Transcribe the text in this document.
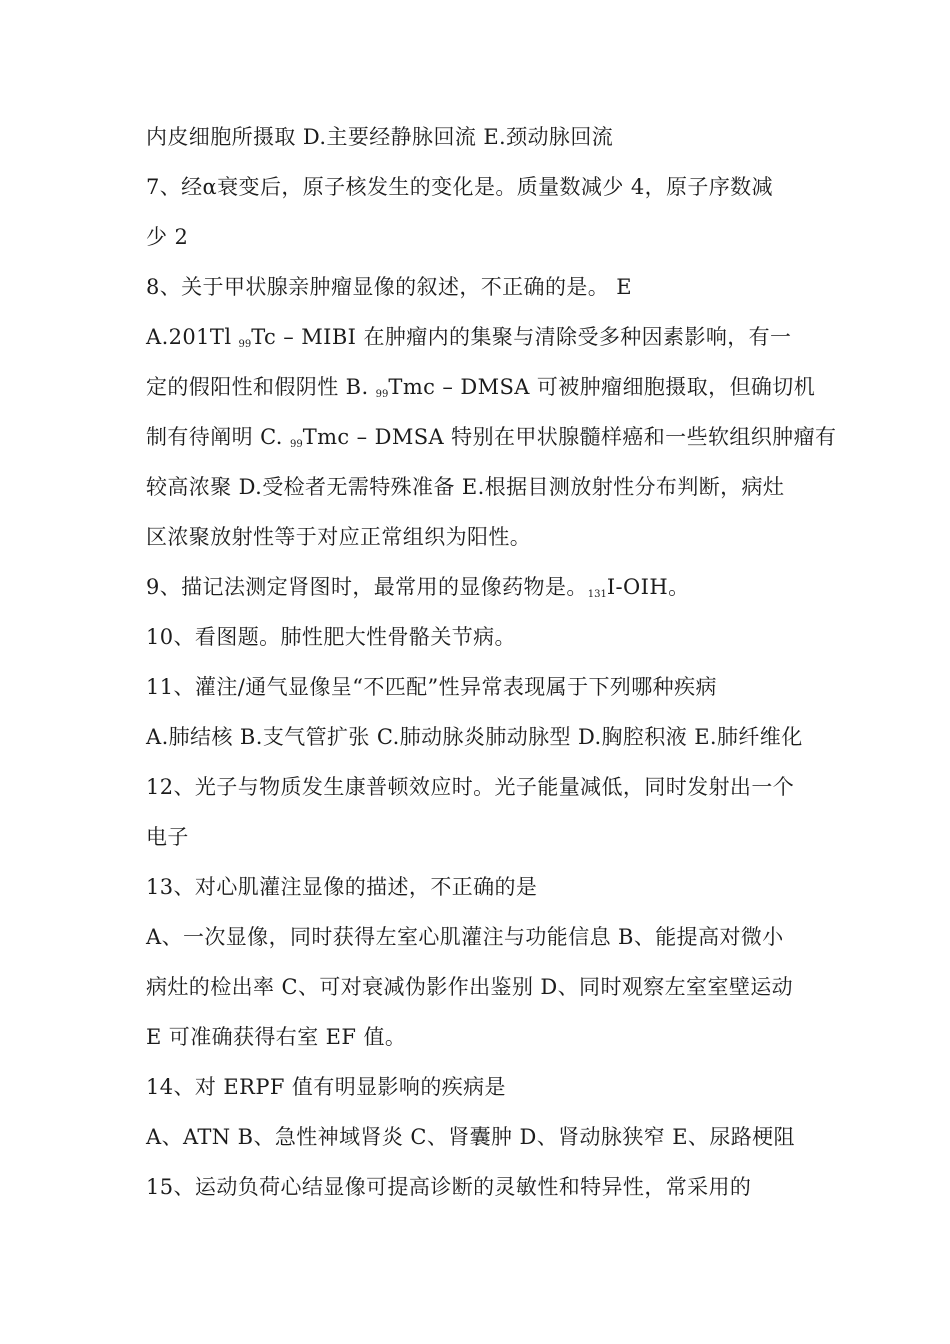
内皮细胞所摄取 D.主要经静脉回流 E.颈动脉回流
7、经α衰变后，原子核发生的变化是。质量数减少 4，原子序数减
少 2
8、关于甲状腺亲肿瘤显像的叙述，不正确的是。 E
A.201Tl $_{99}$Tc – MIBI 在肿瘤内的集聚与清除受多种因素影响，有一
定的假阳性和假阴性 B. $_{99}$Tmc – DMSA 可被肿瘤细胞摄取，但确切机
制有待阐明 C. $_{99}$Tmc – DMSA 特别在甲状腺髓样癌和一些软组织肿瘤有
较高浓聚 D.受检者无需特殊准备 E.根据目测放射性分布判断，病灶
区浓聚放射性等于对应正常组织为阳性。
9、描记法测定肾图时，最常用的显像药物是。$_{131}$I-OIH。
10、看图题。肺性肥大性骨骼关节病。
11、灌注/通气显像呈“不匹配”性异常表现属于下列哪种疾病
A.肺结核 B.支气管扩张 C.肺动脉炎肺动脉型 D.胸腔积液 E.肺纤维化
12、光子与物质发生康普顿效应时。光子能量减低，同时发射出一个
电子
13、对心肌灌注显像的描述，不正确的是
A、一次显像，同时获得左室心肌灌注与功能信息 B、能提高对微小
病灶的检出率 C、可对衰减伪影作出鉴别 D、同时观察左室室壁运动
E 可准确获得右室 EF 值。
14、对 ERPF 值有明显影响的疾病是
A、ATN B、急性神域肾炎 C、肾囊肿 D、肾动脉狭窄 E、尿路梗阻
15、运动负荷心结显像可提高诊断的灵敏性和特异性，常采用的
